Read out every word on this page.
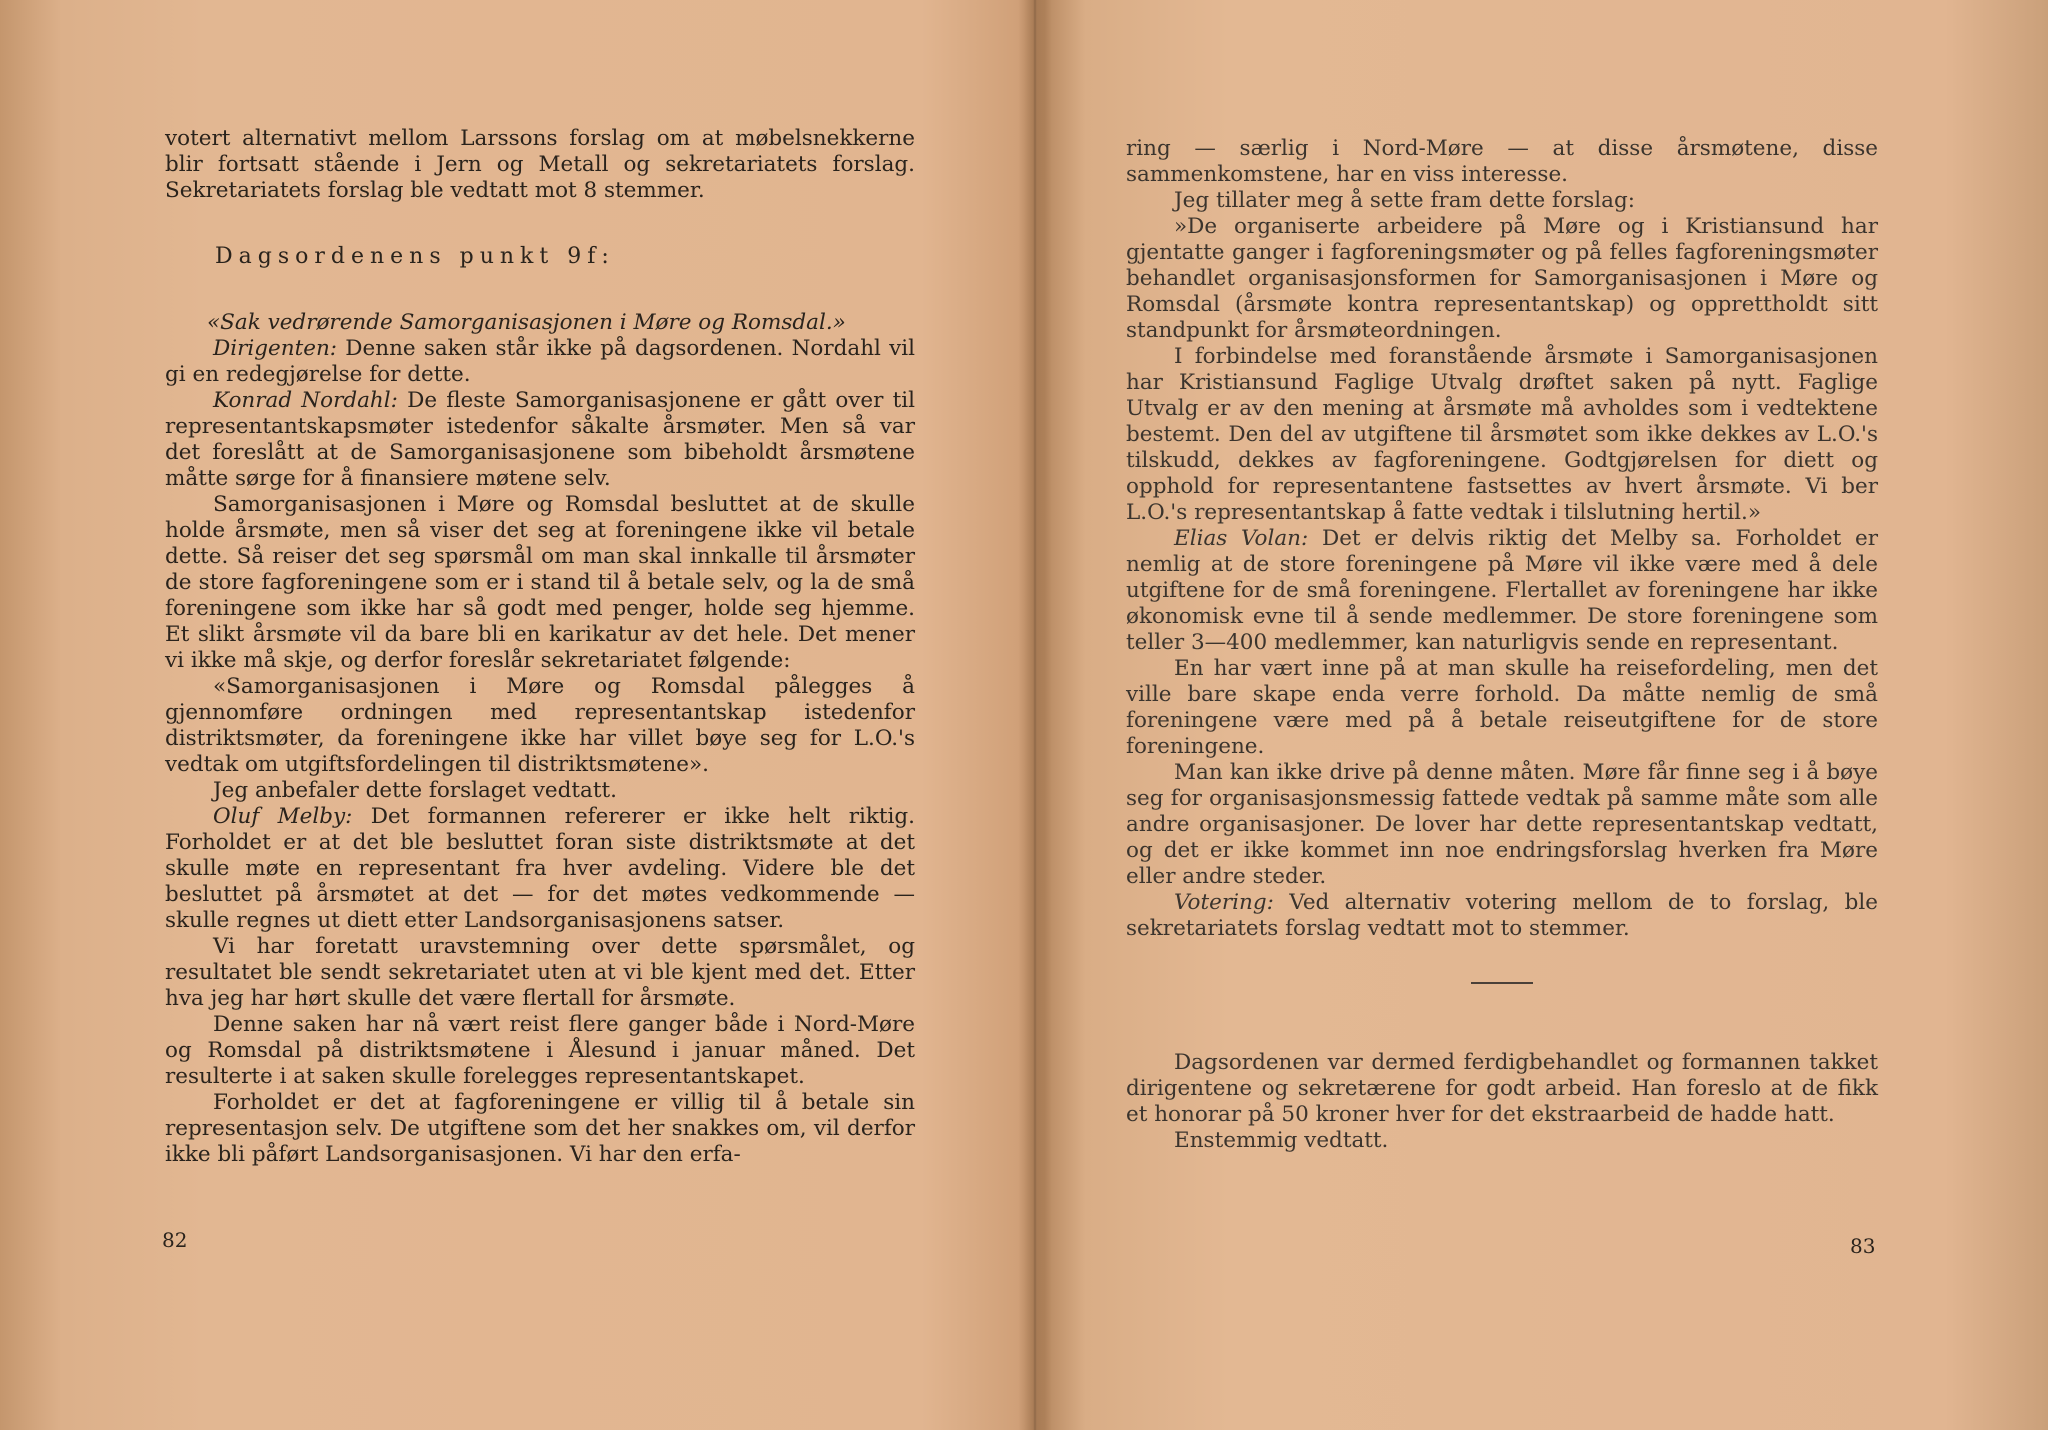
votert alternativt mellom Larssons forslag om at møbelsnekkerne blir fortsatt stående i Jern og Metall og sekretariatets forslag. Sekretariatets forslag ble vedtatt mot 8 stemmer.

Dagsordenens punkt 9f:

«Sak vedrørende Samorganisasjonen i Møre og Romsdal.»

Dirigenten: Denne saken står ikke på dagsordenen. Nordahl vil gi en redegjørelse for dette.

Konrad Nordahl: De fleste Samorganisasjonene er gått over til representantskapsmøter istedenfor såkalte årsmøter. Men så var det foreslått at de Samorganisasjonene som bibeholdt årsmøtene måtte sørge for å finansiere møtene selv.

Samorganisasjonen i Møre og Romsdal besluttet at de skulle holde årsmøte, men så viser det seg at foreningene ikke vil betale dette. Så reiser det seg spørsmål om man skal innkalle til årsmøter de store fagforeningene som er i stand til å betale selv, og la de små foreningene som ikke har så godt med penger, holde seg hjemme. Et slikt årsmøte vil da bare bli en karikatur av det hele. Det mener vi ikke må skje, og derfor foreslår sekretariatet følgende:

«Samorganisasjonen i Møre og Romsdal pålegges å gjennomføre ordningen med representantskap istedenfor distriktsmøter, da foreningene ikke har villet bøye seg for L.O.'s vedtak om utgiftsfordelingen til distriktsmøtene».

Jeg anbefaler dette forslaget vedtatt.

Oluf Melby: Det formannen refererer er ikke helt riktig. Forholdet er at det ble besluttet foran siste distriktsmøte at det skulle møte en representant fra hver avdeling. Videre ble det besluttet på årsmøtet at det — for det møtes vedkommende — skulle regnes ut diett etter Landsorganisasjonens satser.

Vi har foretatt uravstemning over dette spørsmålet, og resultatet ble sendt sekretariatet uten at vi ble kjent med det. Etter hva jeg har hørt skulle det være flertall for årsmøte.

Denne saken har nå vært reist flere ganger både i Nord-Møre og Romsdal på distriktsmøtene i Ålesund i januar måned. Det resulterte i at saken skulle forelegges representantskapet.

Forholdet er det at fagforeningene er villig til å betale sin representasjon selv. De utgiftene som det her snakkes om, vil derfor ikke bli påført Landsorganisasjonen. Vi har den erfa-

82

ring — særlig i Nord-Møre — at disse årsmøtene, disse sammenkomstene, har en viss interesse.

Jeg tillater meg å sette fram dette forslag:

»De organiserte arbeidere på Møre og i Kristiansund har gjentatte ganger i fagforeningsmøter og på felles fagforeningsmøter behandlet organisasjonsformen for Samorganisasjonen i Møre og Romsdal (årsmøte kontra representantskap) og opprettholdt sitt standpunkt for årsmøteordningen.

I forbindelse med foranstående årsmøte i Samorganisasjonen har Kristiansund Faglige Utvalg drøftet saken på nytt. Faglige Utvalg er av den mening at årsmøte må avholdes som i vedtektene bestemt. Den del av utgiftene til årsmøtet som ikke dekkes av L.O.'s tilskudd, dekkes av fagforeningene. Godtgjørelsen for diett og opphold for representantene fastsettes av hvert årsmøte. Vi ber L.O.'s representantskap å fatte vedtak i tilslutning hertil.»

Elias Volan: Det er delvis riktig det Melby sa. Forholdet er nemlig at de store foreningene på Møre vil ikke være med å dele utgiftene for de små foreningene. Flertallet av foreningene har ikke økonomisk evne til å sende medlemmer. De store foreningene som teller 3—400 medlemmer, kan naturligvis sende en representant.

En har vært inne på at man skulle ha reisefordeling, men det ville bare skape enda verre forhold. Da måtte nemlig de små foreningene være med på å betale reiseutgiftene for de store foreningene.

Man kan ikke drive på denne måten. Møre får finne seg i å bøye seg for organisasjonsmessig fattede vedtak på samme måte som alle andre organisasjoner. De lover har dette representantskap vedtatt, og det er ikke kommet inn noe endringsforslag hverken fra Møre eller andre steder.

Votering: Ved alternativ votering mellom de to forslag, ble sekretariatets forslag vedtatt mot to stemmer.

Dagsordenen var dermed ferdigbehandlet og formannen takket dirigentene og sekretærene for godt arbeid. Han foreslo at de fikk et honorar på 50 kroner hver for det ekstraarbeid de hadde hatt.

Enstemmig vedtatt.

83
